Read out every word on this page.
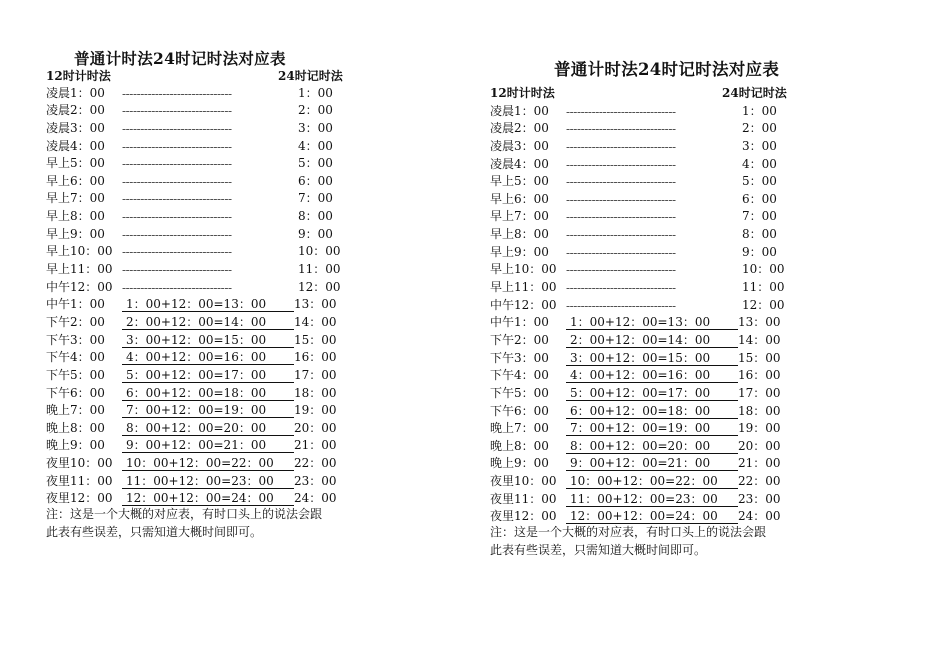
普通计时法24时记时法对应表
12时计时法	24时记时法
凌晨1：00	------------------------------	1：00
凌晨2：00	------------------------------	2：00
凌晨3：00	------------------------------	3：00
凌晨4：00	------------------------------	4：00
早上5：00	------------------------------	5：00
早上6：00	------------------------------	6：00
早上7：00	------------------------------	7：00
早上8：00	------------------------------	8：00
早上9：00	------------------------------	9：00
早上10：00 ------------------------------	10：00
早上11：00 ------------------------------	11：00
中午12：00 ------------------------------	12：00
中午1：00	1：00+12：00=13：00	13：00
下午2：00	2：00+12：00=14：00	14：00
下午3：00	3：00+12：00=15：00	15：00
下午4：00	4：00+12：00=16：00	16：00
下午5：00	5：00+12：00=17：00	17：00
下午6：00	6：00+12：00=18：00	18：00
晚上7：00	7：00+12：00=19：00	19：00
晚上8：00	8：00+12：00=20：00	20：00
晚上9：00	9：00+12：00=21：00	21：00
夜里10：00	10：00+12：00=22：00	22：00
夜里11：00	11：00+12：00=23：00	23：00
夜里12：00	12：00+12：00=24：00	24：00
注：这是一个大概的对应表，有时口头上的说法会跟
此表有些误差，只需知道大概时间即可。
普通计时法24时记时法对应表
12时计时法	24时记时法
凌晨1：00	------------------------------	1：00
凌晨2：00	------------------------------	2：00
凌晨3：00	------------------------------	3：00
凌晨4：00	------------------------------	4：00
早上5：00	------------------------------	5：00
早上6：00	------------------------------	6：00
早上7：00	------------------------------	7：00
早上8：00	------------------------------	8：00
早上9：00	------------------------------	9：00
早上10：00 ------------------------------	10：00
早上11：00 ------------------------------	11：00
中午12：00 ------------------------------	12：00
中午1：00	1：00+12：00=13：00	13：00
下午2：00	2：00+12：00=14：00	14：00
下午3：00	3：00+12：00=15：00	15：00
下午4：00	4：00+12：00=16：00	16：00
下午5：00	5：00+12：00=17：00	17：00
下午6：00	6：00+12：00=18：00	18：00
晚上7：00	7：00+12：00=19：00	19：00
晚上8：00	8：00+12：00=20：00	20：00
晚上9：00	9：00+12：00=21：00	21：00
夜里10：00	10：00+12：00=22：00	22：00
夜里11：00	11：00+12：00=23：00	23：00
夜里12：00	12：00+12：00=24：00	24：00
注：这是一个大概的对应表，有时口头上的说法会跟
此表有些误差，只需知道大概时间即可。
